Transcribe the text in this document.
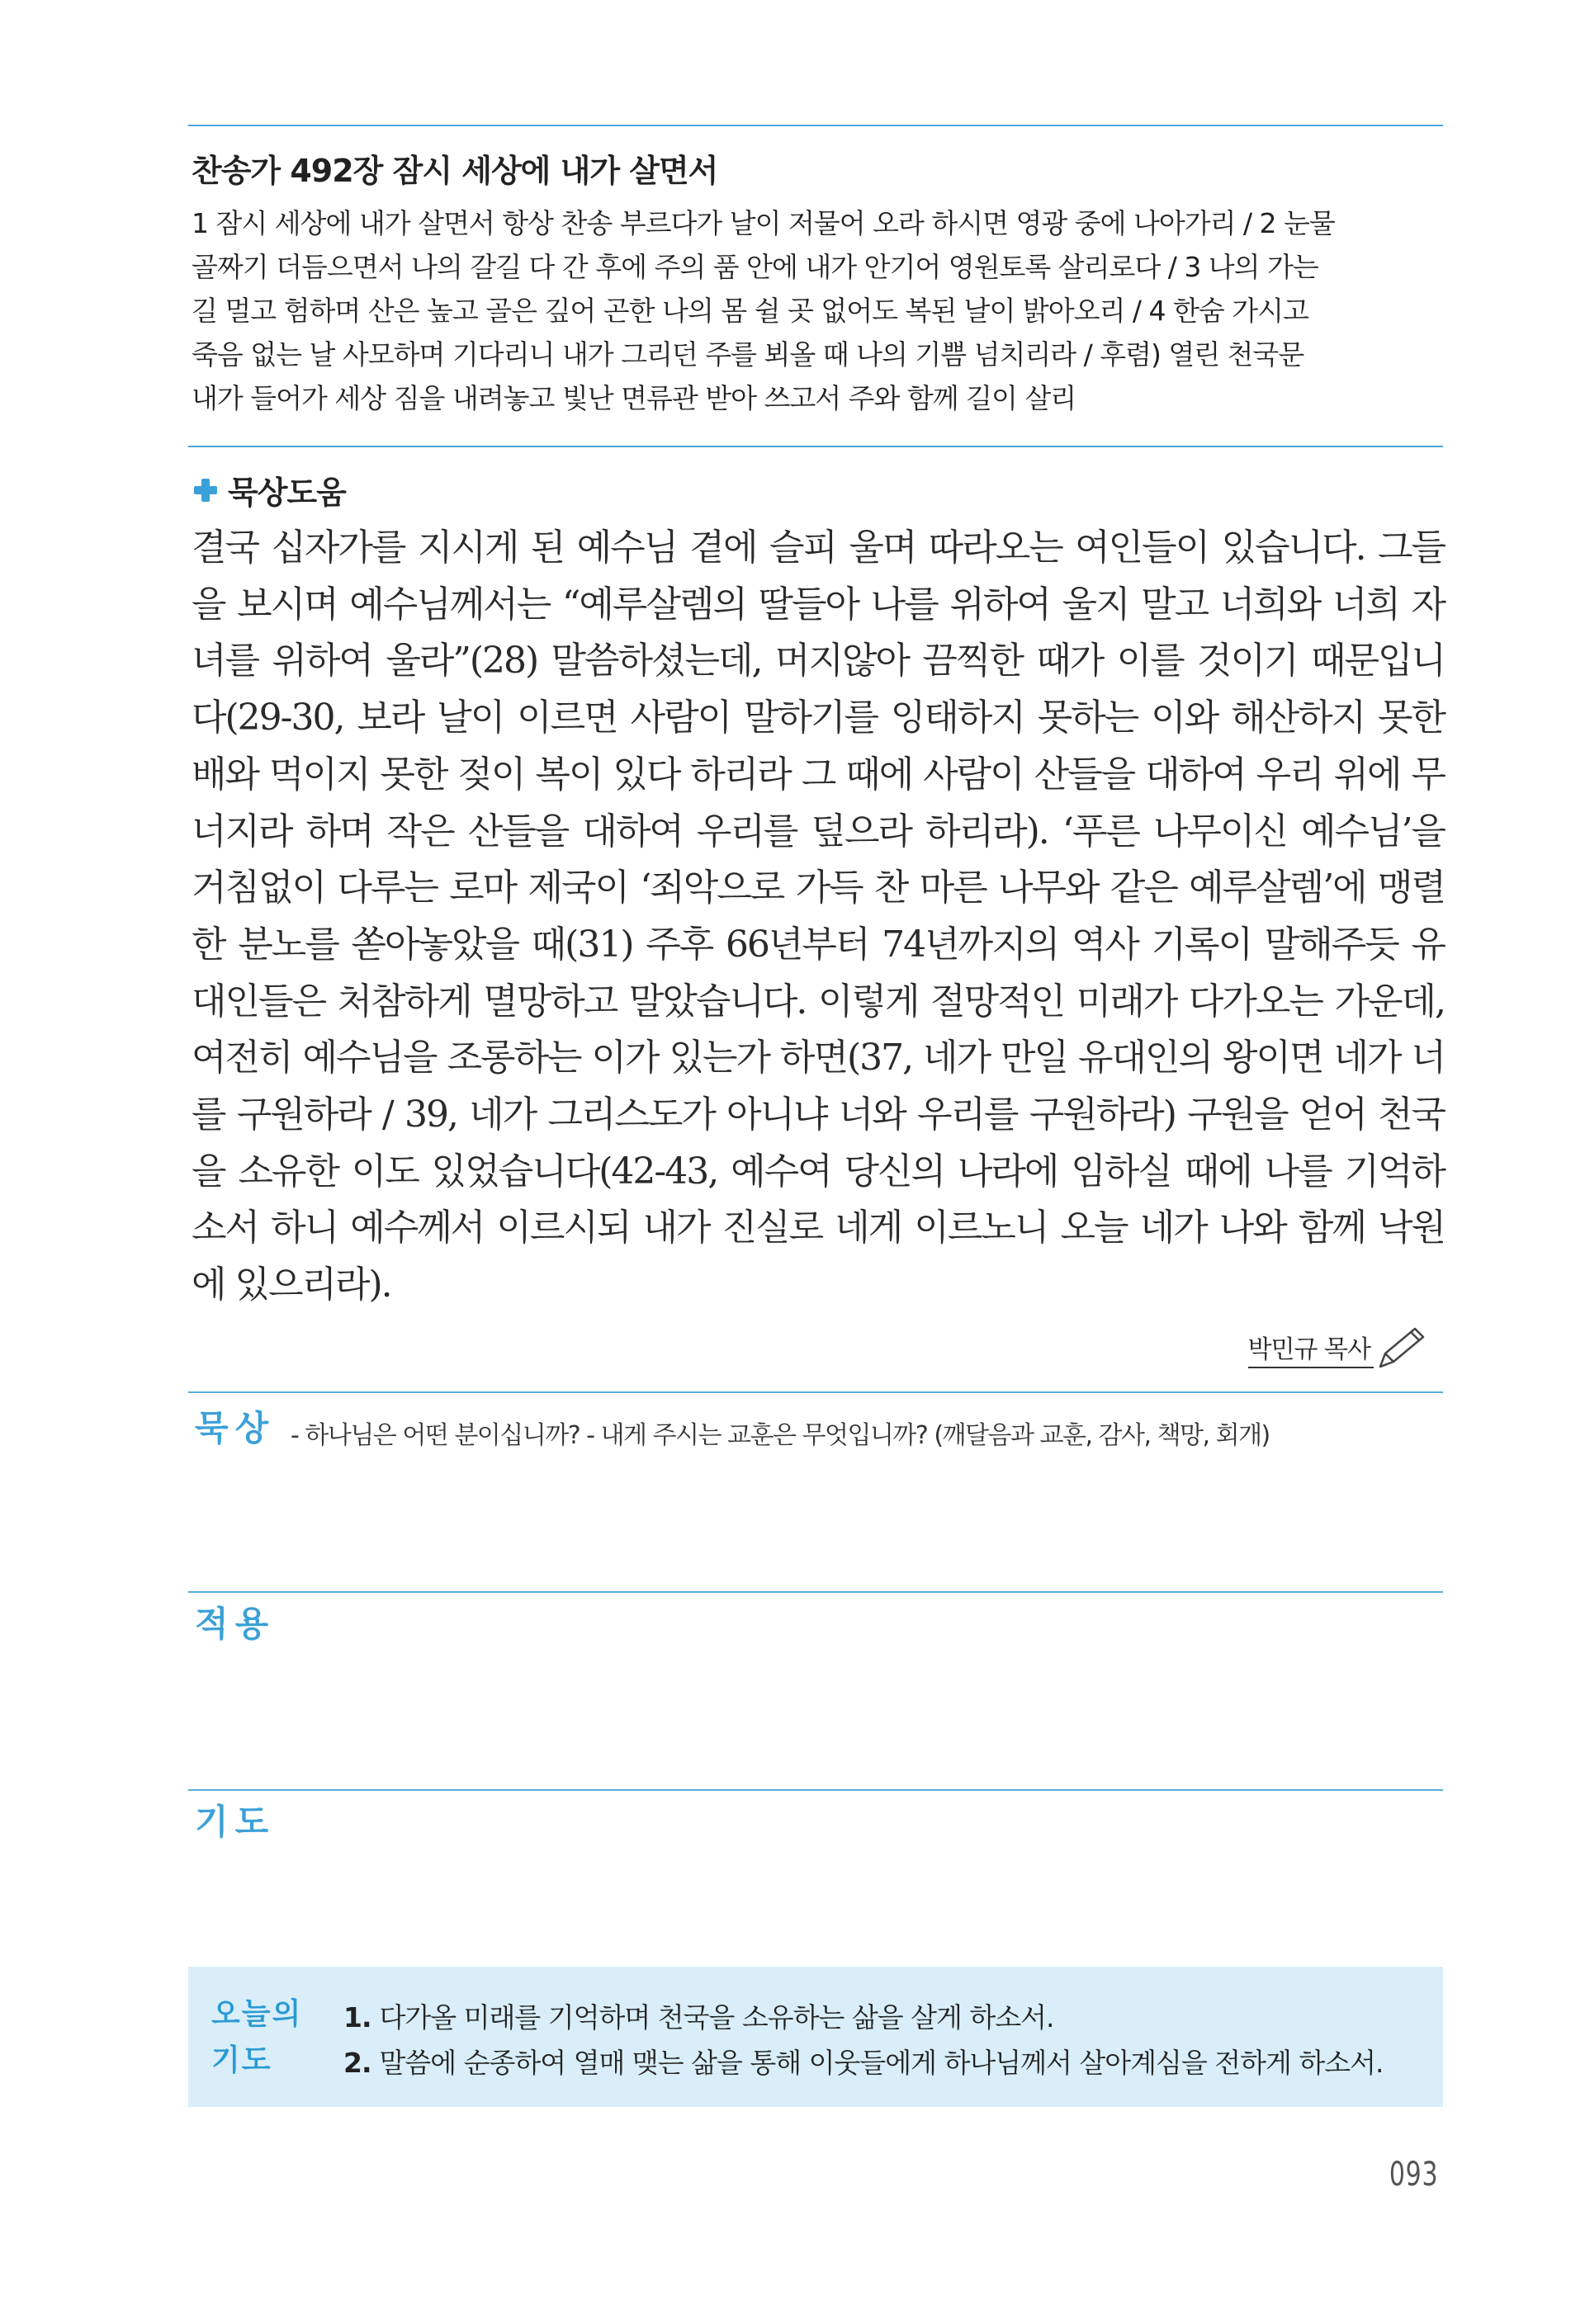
찬송가 492장 잠시 세상에 내가 살면서

1 잠시 세상에 내가 살면서 항상 찬송 부르다가 날이 저물어 오라 하시면 영광 중에 나아가리 / 2 눈물
골짜기 더듬으면서 나의 갈길 다 간 후에 주의 품 안에 내가 안기어 영원토록 살리로다 / 3 나의 가는
길 멀고 험하며 산은 높고 골은 깊어 곤한 나의 몸 쉴 곳 없어도 복된 날이 밝아오리 / 4 한숨 가시고
죽음 없는 날 사모하며 기다리니 내가 그리던 주를 뵈올 때 나의 기쁨 넘치리라 / 후렴) 열린 천국문
내가 들어가 세상 짐을 내려놓고 빛난 면류관 받아 쓰고서 주와 함께 길이 살리

묵상도움

결국 십자가를 지시게 된 예수님 곁에 슬피 울며 따라오는 여인들이 있습니다. 그들을 보시며 예수님께서는 “예루살렘의 딸들아 나를 위하여 울지 말고 너희와 너희 자녀를 위하여 울라”(28) 말씀하셨는데, 머지않아 끔찍한 때가 이를 것이기 때문입니다(29-30, 보라 날이 이르면 사람이 말하기를 잉태하지 못하는 이와 해산하지 못한 배와 먹이지 못한 젖이 복이 있다 하리라 그 때에 사람이 산들을 대하여 우리 위에 무너지라 하며 작은 산들을 대하여 우리를 덮으라 하리라). ‘푸른 나무이신 예수님’을 거침없이 다루는 로마 제국이 ‘죄악으로 가득 찬 마른 나무와 같은 예루살렘’에 맹렬한 분노를 쏟아놓았을 때(31) 주후 66년부터 74년까지의 역사 기록이 말해주듯 유대인들은 처참하게 멸망하고 말았습니다. 이렇게 절망적인 미래가 다가오는 가운데, 여전히 예수님을 조롱하는 이가 있는가 하면(37, 네가 만일 유대인의 왕이면 네가 너를 구원하라 / 39, 네가 그리스도가 아니냐 너와 우리를 구원하라) 구원을 얻어 천국을 소유한 이도 있었습니다(42-43, 예수여 당신의 나라에 임하실 때에 나를 기억하소서 하니 예수께서 이르시되 내가 진실로 네게 이르노니 오늘 네가 나와 함께 낙원에 있으리라).

박민규 목사
묵상 - 하나님은 어떤 분이십니까? - 내게 주시는 교훈은 무엇입니까? (깨달음과 교훈, 감사, 책망, 회개)
적용
기도
오늘의
기도
1. 다가올 미래를 기억하며 천국을 소유하는 삶을 살게 하소서.
2. 말씀에 순종하여 열매 맺는 삶을 통해 이웃들에게 하나님께서 살아계심을 전하게 하소서.
093
